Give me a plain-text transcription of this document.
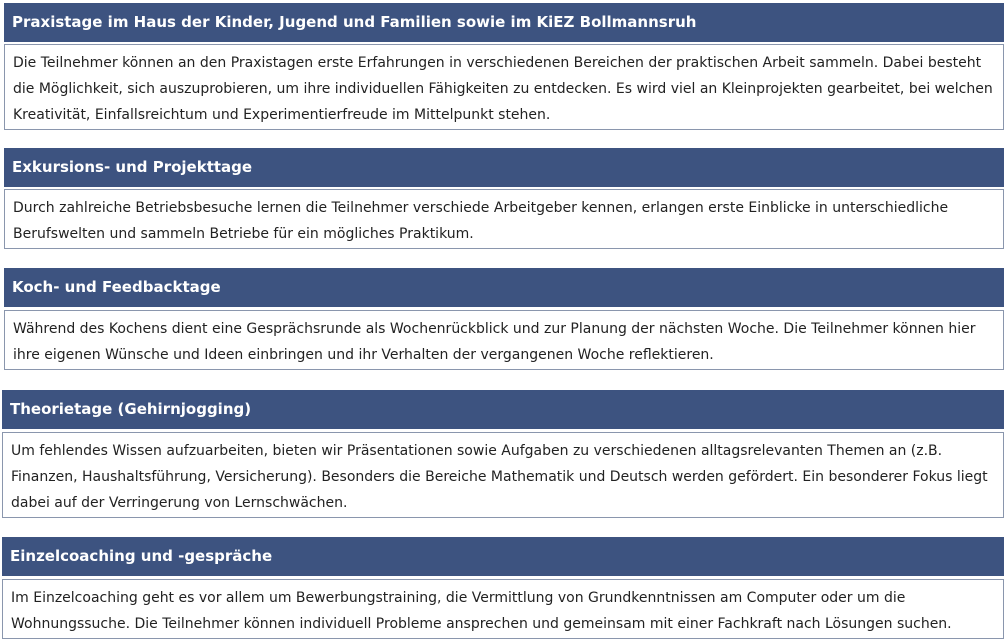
Praxistage im Haus der Kinder, Jugend und Familien sowie im KiEZ Bollmannsruh
Die Teilnehmer können an den Praxistagen erste Erfahrungen in verschiedenen Bereichen der praktischen Arbeit sammeln. Dabei besteht die Möglichkeit, sich auszuprobieren, um ihre individuellen Fähigkeiten zu entdecken. Es wird viel an Kleinprojekten gearbeitet, bei welchen Kreativität, Einfallsreichtum und Experimentierfreude im Mittelpunkt stehen.
Exkursions- und Projekttage
Durch zahlreiche Betriebsbesuche lernen die Teilnehmer verschiede Arbeitgeber kennen, erlangen erste Einblicke in unterschiedliche Berufswelten und sammeln Betriebe für ein mögliches Praktikum.
Koch- und Feedbacktage
Während des Kochens dient eine Gesprächsrunde als Wochenrückblick und zur Planung der nächsten Woche. Die Teilnehmer können hier ihre eigenen Wünsche und Ideen einbringen und ihr Verhalten der vergangenen Woche reflektieren.
Theorietage (Gehirnjogging)
Um fehlendes Wissen aufzuarbeiten, bieten wir Präsentationen sowie Aufgaben zu verschiedenen alltagsrelevanten Themen an (z.B. Finanzen, Haushaltsführung, Versicherung). Besonders die Bereiche Mathematik und Deutsch werden gefördert. Ein besonderer Fokus liegt dabei auf der Verringerung von Lernschwächen.
Einzelcoaching und -gespräche
Im Einzelcoaching geht es vor allem um Bewerbungstraining, die Vermittlung von Grundkenntnissen am Computer oder um die Wohnungssuche. Die Teilnehmer können individuell Probleme ansprechen und gemeinsam mit einer Fachkraft nach Lösungen suchen.
